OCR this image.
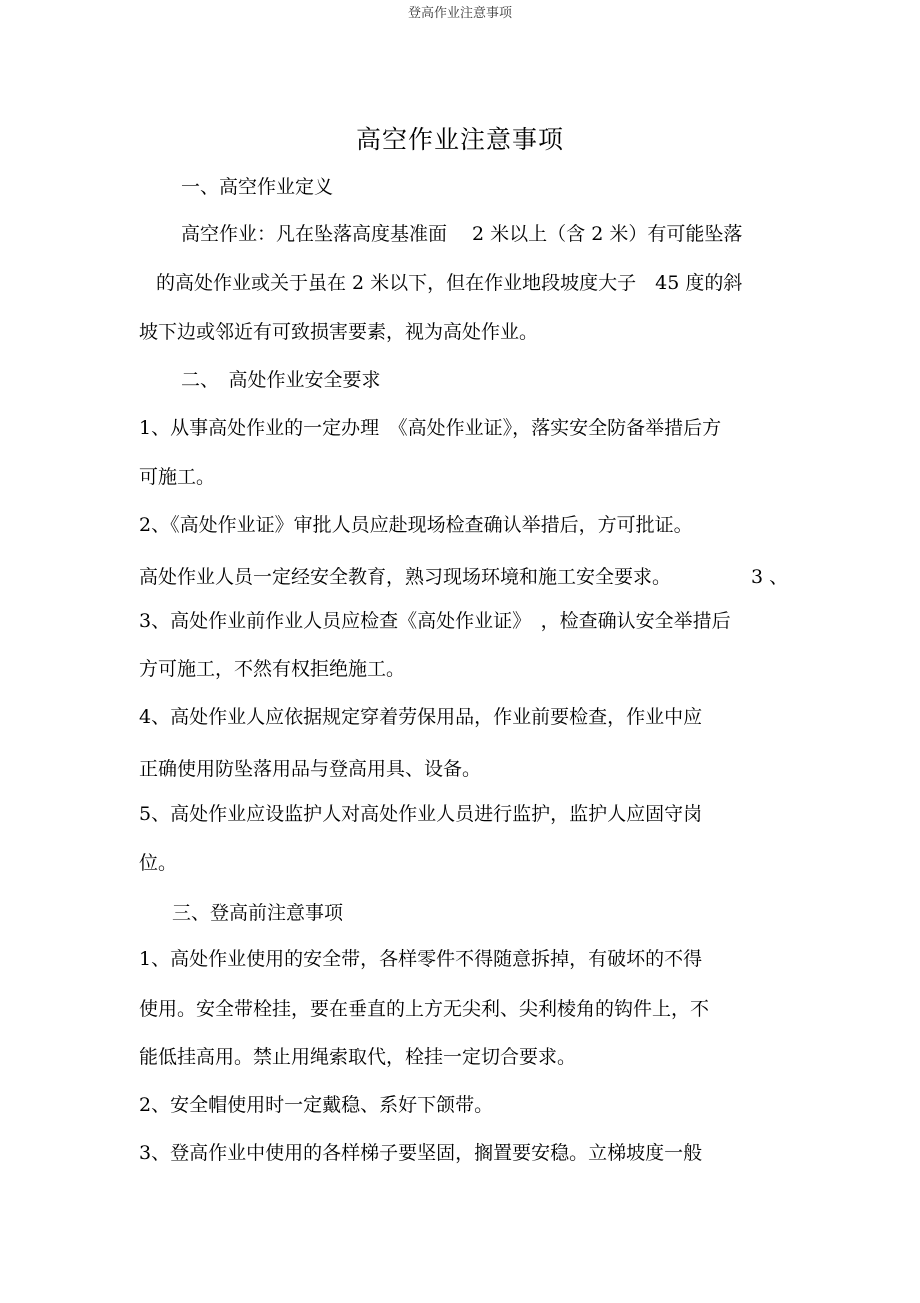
登高作业注意事项
高空作业注意事项
一、高空作业定义
高空作业：凡在坠落高度基准面　 2 米以上（含 2 米）有可能坠落
的高处作业或关于虽在 2 米以下，但在作业地段坡度大子　45 度的斜
坡下边或邻近有可致损害要素，视为高处作业。
二、　高处作业安全要求
1、从事高处作业的一定办理　《高处作业证》，落实安全防备举措后方
可施工。
2、《高处作业证》审批人员应赴现场检查确认举措后，方可批证。
高处作业人员一定经安全教育，熟习现场环境和施工安全要求。	3 、
3、高处作业前作业人员应检查《高处作业证》　，检查确认安全举措后
方可施工，不然有权拒绝施工。
4、高处作业人应依据规定穿着劳保用品，作业前要检查，作业中应
正确使用防坠落用品与登高用具、设备。
5、高处作业应设监护人对高处作业人员进行监护，监护人应固守岗
位。
三、登高前注意事项
1、高处作业使用的安全带，各样零件不得随意拆掉，有破坏的不得
使用。安全带栓挂，要在垂直的上方无尖利、尖利棱角的钩件上，不
能低挂高用。禁止用绳索取代，栓挂一定切合要求。
2、安全帽使用时一定戴稳、系好下颌带。
3、登高作业中使用的各样梯子要坚固，搁置要安稳。立梯坡度一般
